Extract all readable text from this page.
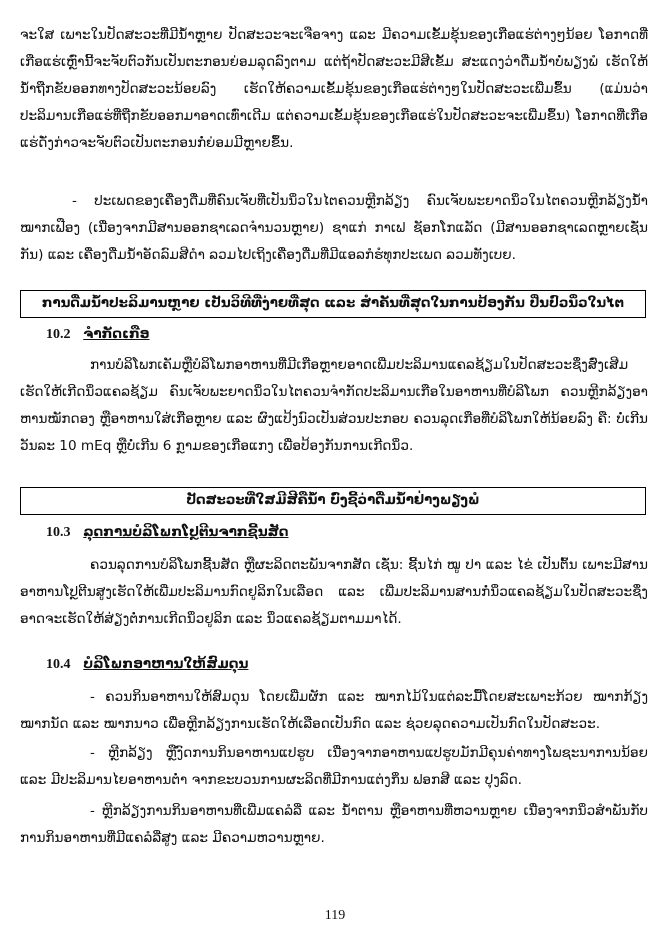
ຈະໃສ ເພາະໃນປັດສະວະທີ່ມີນໍ້າຫຼາຍ ປັດສະວະຈະເຈືອຈາງ ແລະ ມີຄວາມເຂັ້ມຂຸ້ນຂອງເກືອແຮ່ຕ່າງໆນ້ອຍ ໂອກາດທີ່ເກືອແຮ່ເຫຼົ່ານີ້ຈະຈັບຕົວກັນເປັນຕະກອນຍ່ອມລຸດລົງຕາມ ແຕ່ຖ້າປັດສະວະມີສີເຂັ້ມ ສະແດງວ່າດື່ມນໍ້າບໍ່ພຽງພໍ ເຮັດໃຫ້ນໍ້າຖືກຂັບອອກທາງປັດສະວະນ້ອຍລົງ ເຮັດໃຫ້ຄວາມເຂັ້ມຂຸ້ນຂອງເກືອແຮ່ຕ່າງໆໃນປັດສະວະເພີ່ມຂຶ້ນ (ແມ່ນວ່າປະລິມານເກືອແຮ່ທີ່ຖືກຂັບອອກມາອາດເທົ່າເດີມ ແຕ່ຄວາມເຂັ້ມຂຸ້ນຂອງເກືອແຮ່ໃນປັດສະວະຈະເພີ່ມຂຶ້ນ) ໂອກາດທີ່ເກືອແຮ່ດັ່ງກ່າວຈະຈັບຕົວເປັນຕະກອນກໍ່ຍ່ອມມີຫຼາຍຂຶ້ນ.

- ປະເພດຂອງເຄື່ອງດື່ມທີ່ຄົນເຈັບທີ່ເປັນນິ່ວໃນໄຕຄວນຫຼີກລ້ຽງ ຄົນເຈັບພະຍາດນິ່ວໃນໄຕຄວນຫຼີກລ້ຽງນໍ້າໝາກເຟືອງ (ເນື່ອງຈາກມີສານອອກຊາເລດຈໍານວນຫຼາຍ) ຊາແກ່ ກາເຟ ຊັອກໂກແລັດ (ມີສານອອກຊາເລດຫຼາຍເຊັ່ນກັນ) ແລະ ເຄື່ອງດື່ມນໍ້າອັດລົມສີດໍາ ລວມໄປເຖິງເຄື່ອງດື່ມທີ່ມີແອລກໍຮໍທຸກປະເພດ ລວມທັງເບຍ.

ການດື່ມນໍ້າປະລິມານຫຼາຍ ເປັນວິທີທີ່ງ່າຍທີ່ສຸດ ແລະ ສໍາຄັນທີ່ສຸດໃນການປ້ອງກັນ ປິ່ນປົວນິ່ວໃນໄຕ
10.2 ຈໍາກັດເກືອ

ການບໍລິໂພກເຄັມຫຼືບໍລິໂພກອາຫານທີ່ມີເກືອຫຼາຍອາດເພີ່ມປະລິມານແຄລຊ້ຽມໃນປັດສະວະຊຶ່ງສົ່ງເສີມເຮັດໃຫ້ເກີດນິ່ວແຄລຊ້ຽມ ຄົນເຈັບພະຍາດນິ່ວໃນໄຕຄວນຈໍາກັດປະລິມານເກືອໃນອາຫານທີ່ບໍລິໂພກ ຄວນຫຼີກລ້ຽງອາຫານໝັກດອງ ຫຼືອາຫານໃສ່ເກືອຫຼາຍ ແລະ ຜົງແປ້ງນົວເປັນສ່ວນປະກອບ ຄວນລຸດເກືອທີ່ບໍລິໂພກໃຫ້ນ້ອຍລົງ ຄື: ບໍ່ເກີນວັນລະ 10 mEq ຫຼືບໍ່ເກີນ 6 ກຼາມຂອງເກືອແກງ ເພື່ອປ້ອງກັນການເກີດນິ່ວ.

ປັດສະວະທີ່ໃສມີສີຄືນໍ້າ ບົ່ງຊີ້ວ່າດື່ມນໍ້າຢ່າງພຽງພໍ
10.3 ລຸດການບໍລິໂພກໂປຼຕີນຈາກຊີ້ນສັດ

ຄວນລຸດການບໍລິໂພກຊີ້ນສັດ ຫຼືຜະລິດຕະພັນຈາກສັດ ເຊັ່ນ: ຊີ້ນໄກ່ ໝູ ປາ ແລະ ໄຂ່ ເປັນຕົ້ນ ເພາະມີສານອາຫານໂປຼຕີນສູງເຮັດໃຫ້ເພີ່ມປະລິມານກົດຢູລິກໃນເລືອດ ແລະ ເພີ່ມປະລິມານສານກໍ່ນິ່ວແຄລຊ້ຽມໃນປັດສະວະຊຶ່ງອາດຈະເຮັດໃຫ້ສ່ຽງຕໍ່ການເກີດນິ່ວຢູລິກ ແລະ ນິ່ວແຄລຊ້ຽມຕາມມາໄດ້.

10.4 ບໍລິໂພກອາຫານໃຫ້ສົມດຸນ

- ຄວນກິນອາຫານໃຫ້ສົມດຸນ ໂດຍເພີ່ມຜັກ ແລະ ໝາກໄມ້ໃນແຕ່ລະມື້ໂດຍສະເພາະກ້ວຍ ໝາກກ້ຽງໝາກນັດ ແລະ ໝາກນາວ ເພື່ອຫຼີກລ້ຽງການເຮັດໃຫ້ເລືອດເປັນກົດ ແລະ ຊ່ວຍລຸດຄວາມເປັນກົດໃນປັດສະວະ.

- ຫຼີກລ້ຽງ ຫຼືງົດການກິນອາຫານແປຮູບ ເນື່ອງຈາກອາຫານແປຮູບມັກມີຄຸນຄ່າທາງໂພຊະນາການນ້ອຍ ແລະ ມີປະລິມານໄຍອາຫານຕໍ່າ ຈາກຂະບວນການຜະລິດທີ່ມີການແຕ່ງກິ່ນ ຟອກສີ ແລະ ປຸງລົດ.

- ຫຼີກລ້ຽງການກິນອາຫານທີ່ເພີ່ມແຄລໍລີ່ ແລະ ນໍ້າຕານ ຫຼືອາຫານທີ່ຫວານຫຼາຍ ເນື່ອງຈາກນິ່ວສໍາພັນກັບການກິນອາຫານທີ່ມີແຄລໍລີ່ສູງ ແລະ ມີຄວາມຫວານຫຼາຍ.

119
